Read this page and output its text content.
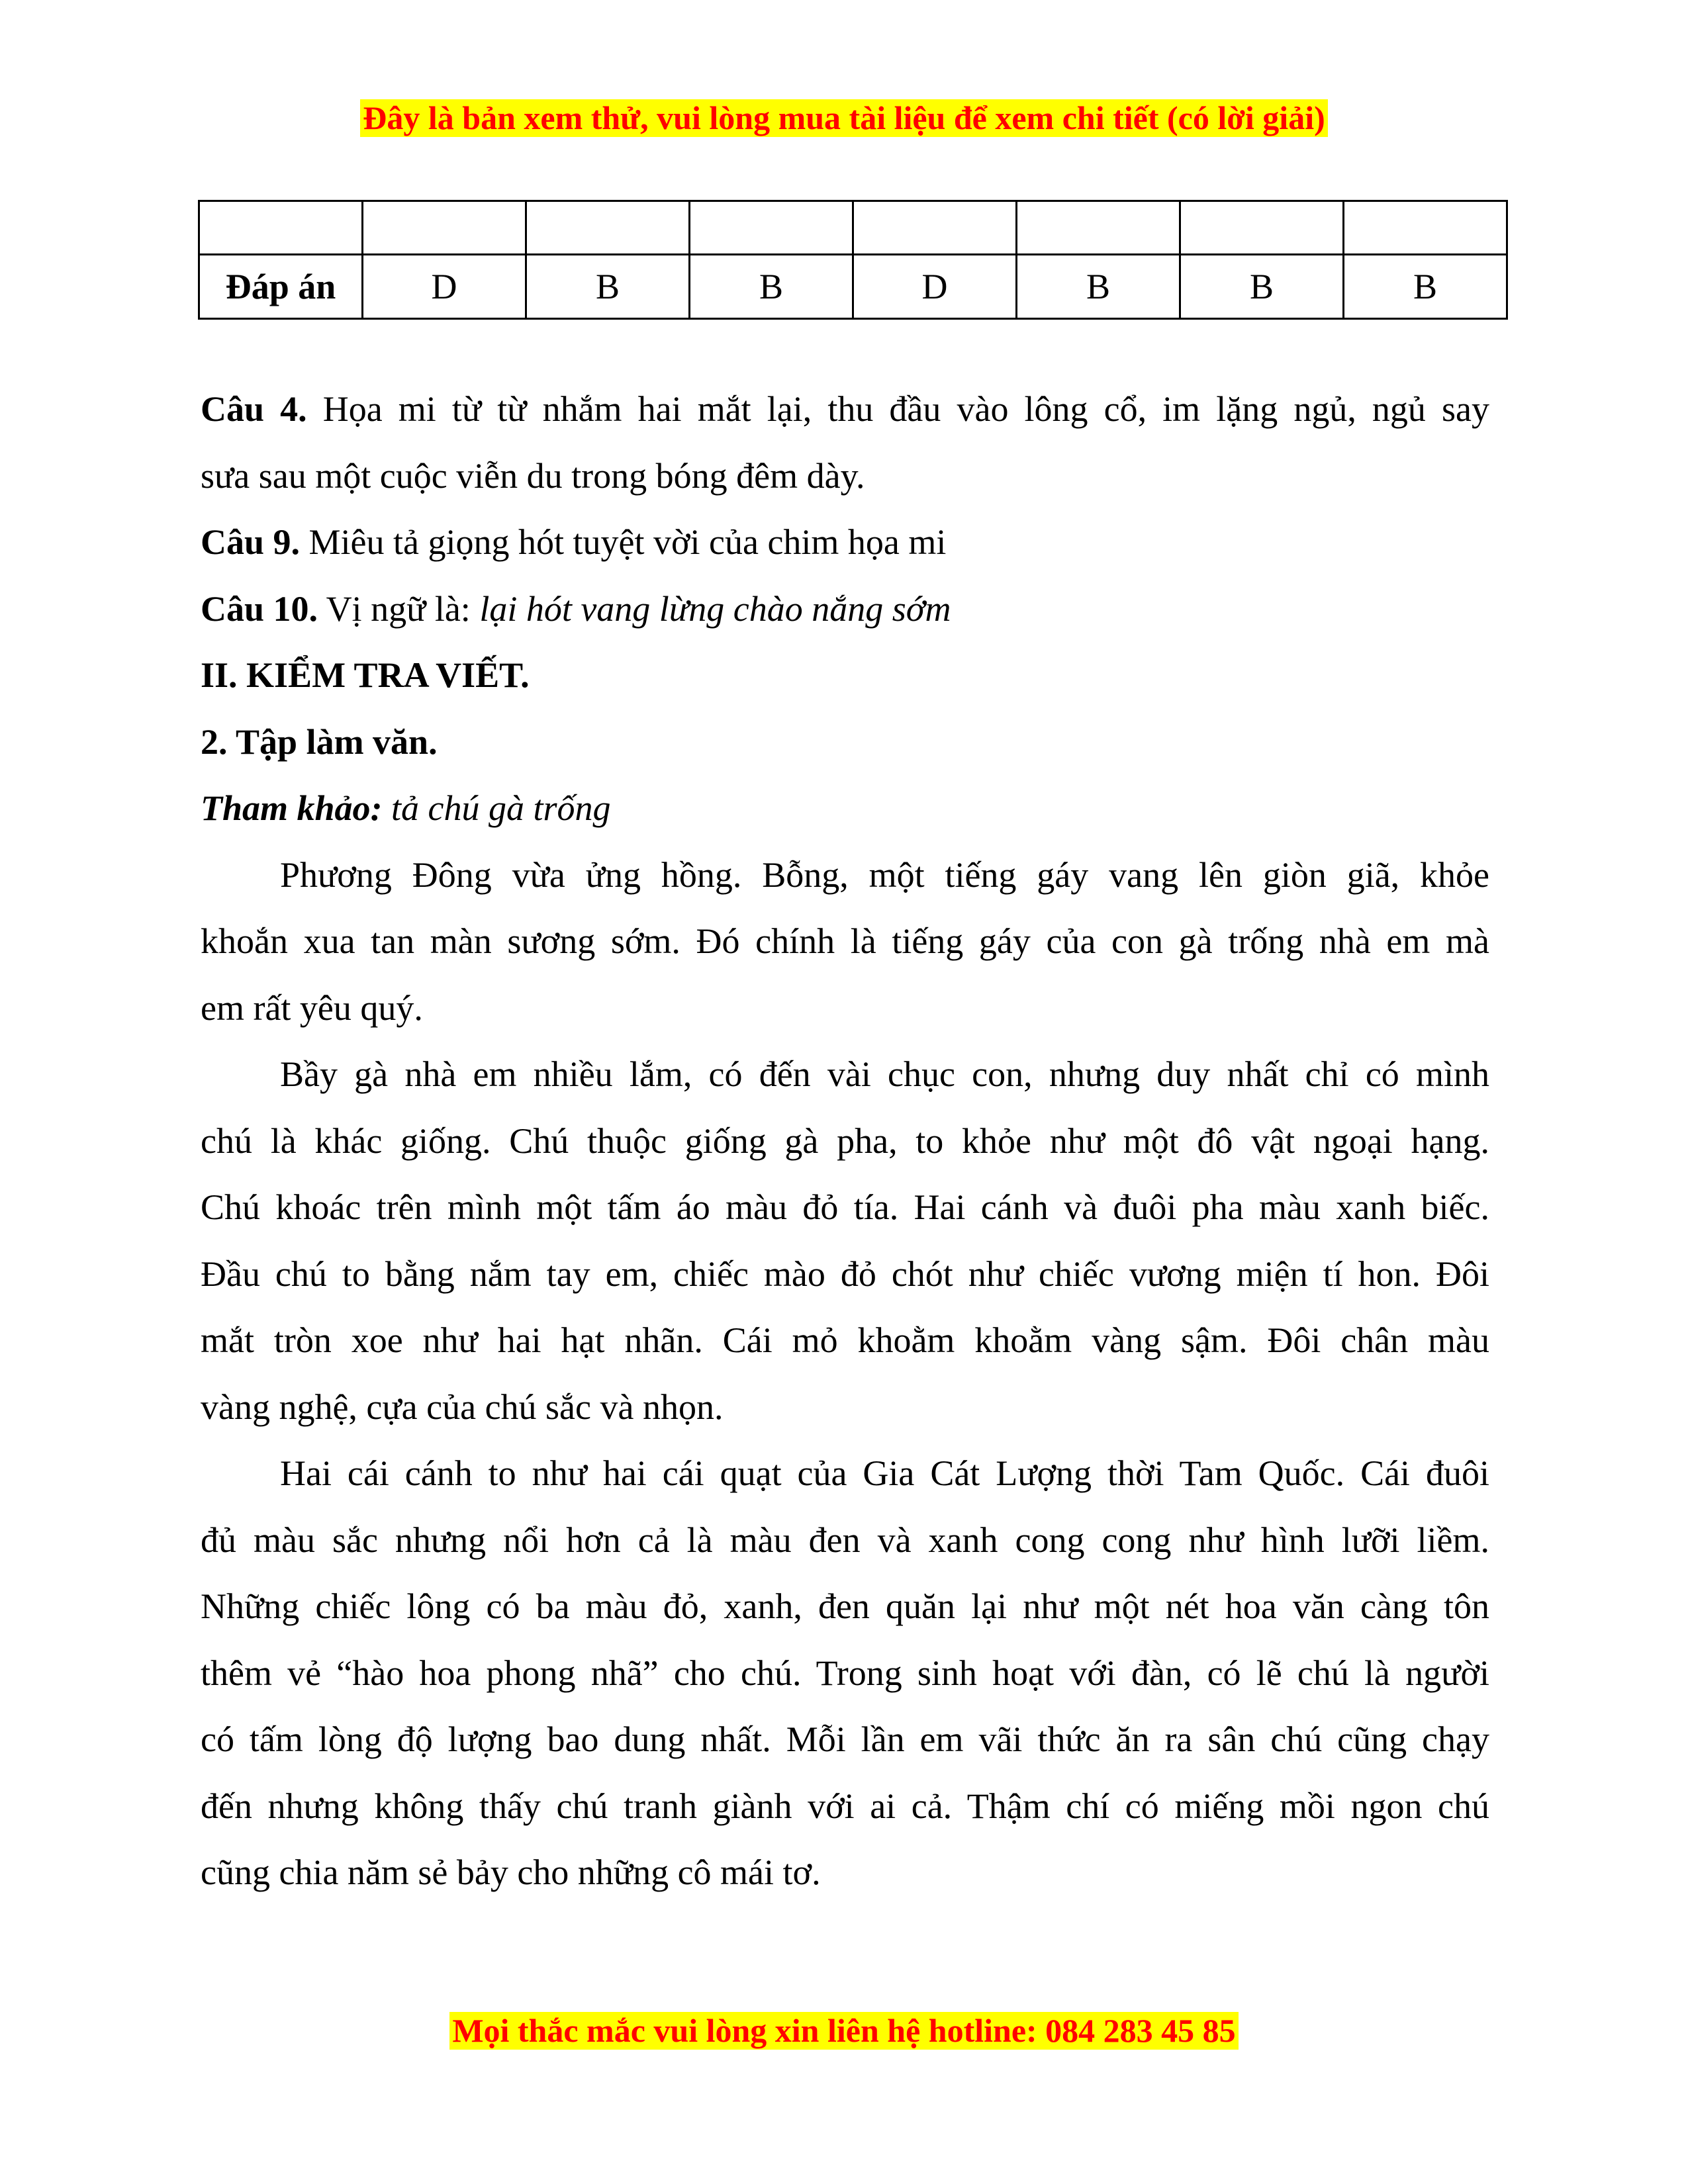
Đây là bản xem thử, vui lòng mua tài liệu để xem chi tiết (có lời giải)

Đáp án	D	B	B	D	B	B	B
Câu 4. Họa mi từ từ nhắm hai mắt lại, thu đầu vào lông cổ, im lặng ngủ, ngủ say
sưa sau một cuộc viễn du trong bóng đêm dày.
Câu 9. Miêu tả giọng hót tuyệt vời của chim họa mi
Câu 10. Vị ngữ là: lại hót vang lừng chào nắng sớm
II. KIỂM TRA VIẾT.
2. Tập làm văn.
Tham khảo: tả chú gà trống
Phương Đông vừa ửng hồng. Bỗng, một tiếng gáy vang lên giòn giã, khỏe
khoắn xua tan màn sương sớm. Đó chính là tiếng gáy của con gà trống nhà em mà
em rất yêu quý.
Bầy gà nhà em nhiều lắm, có đến vài chục con, nhưng duy nhất chỉ có mình
chú là khác giống. Chú thuộc giống gà pha, to khỏe như một đô vật ngoại hạng.
Chú khoác trên mình một tấm áo màu đỏ tía. Hai cánh và đuôi pha màu xanh biếc.
Đầu chú to bằng nắm tay em, chiếc mào đỏ chót như chiếc vương miện tí hon. Đôi
mắt tròn xoe như hai hạt nhãn. Cái mỏ khoằm khoằm vàng sậm. Đôi chân màu
vàng nghệ, cựa của chú sắc và nhọn.
Hai cái cánh to như hai cái quạt của Gia Cát Lượng thời Tam Quốc. Cái đuôi
đủ màu sắc nhưng nổi hơn cả là màu đen và xanh cong cong như hình lưỡi liềm.
Những chiếc lông có ba màu đỏ, xanh, đen quăn lại như một nét hoa văn càng tôn
thêm vẻ “hào hoa phong nhã” cho chú. Trong sinh hoạt với đàn, có lẽ chú là người
có tấm lòng độ lượng bao dung nhất. Mỗi lần em vãi thức ăn ra sân chú cũng chạy
đến nhưng không thấy chú tranh giành với ai cả. Thậm chí có miếng mồi ngon chú
cũng chia năm sẻ bảy cho những cô mái tơ.
Mọi thắc mắc vui lòng xin liên hệ hotline: 084 283 45 85
